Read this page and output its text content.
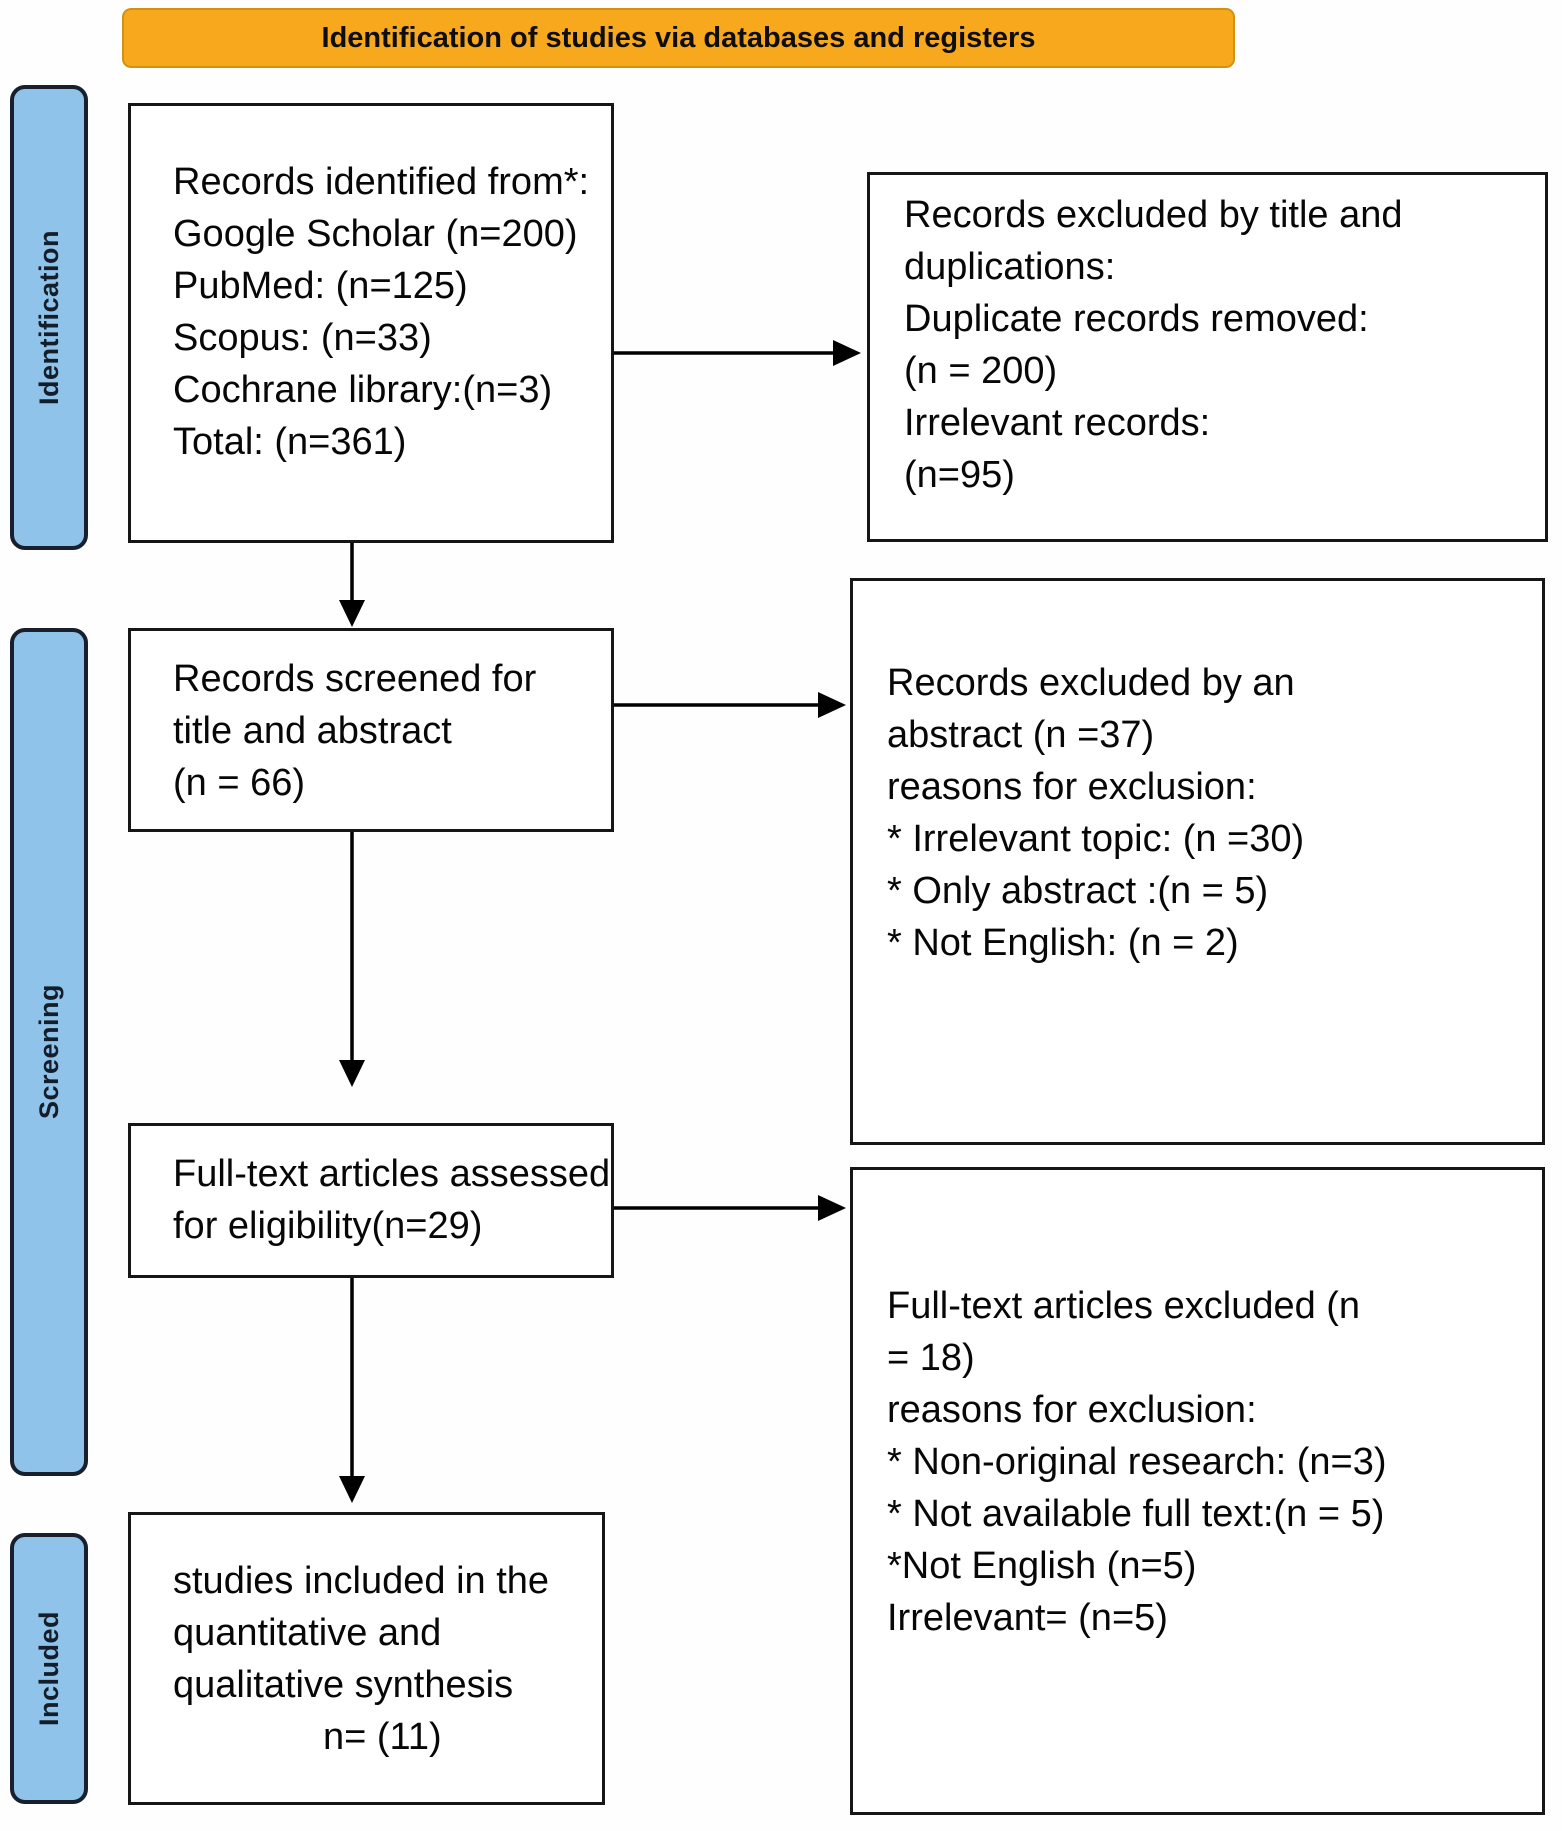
Identification of studies via databases and registers
Identification
Screening
Included
Records identified from*:
Google Scholar (n=200)
PubMed: (n=125)
Scopus: (n=33)
Cochrane library:(n=3)
Total: (n=361)
Records excluded by title and
duplications:
Duplicate records removed:
(n = 200)
Irrelevant records:
(n=95)
Records screened for
title and abstract
(n = 66)
Records excluded by an
abstract (n =37)
reasons for exclusion:
* Irrelevant topic: (n =30)
* Only abstract :(n = 5)
* Not English: (n = 2)
Full-text articles assessed
for eligibility(n=29)
Full-text articles excluded (n
= 18)
reasons for exclusion:
* Non-original research: (n=3)
* Not available full text:(n = 5)
*Not English (n=5)
Irrelevant= (n=5)
studies included in the
quantitative and
qualitative synthesis
n= (11)
